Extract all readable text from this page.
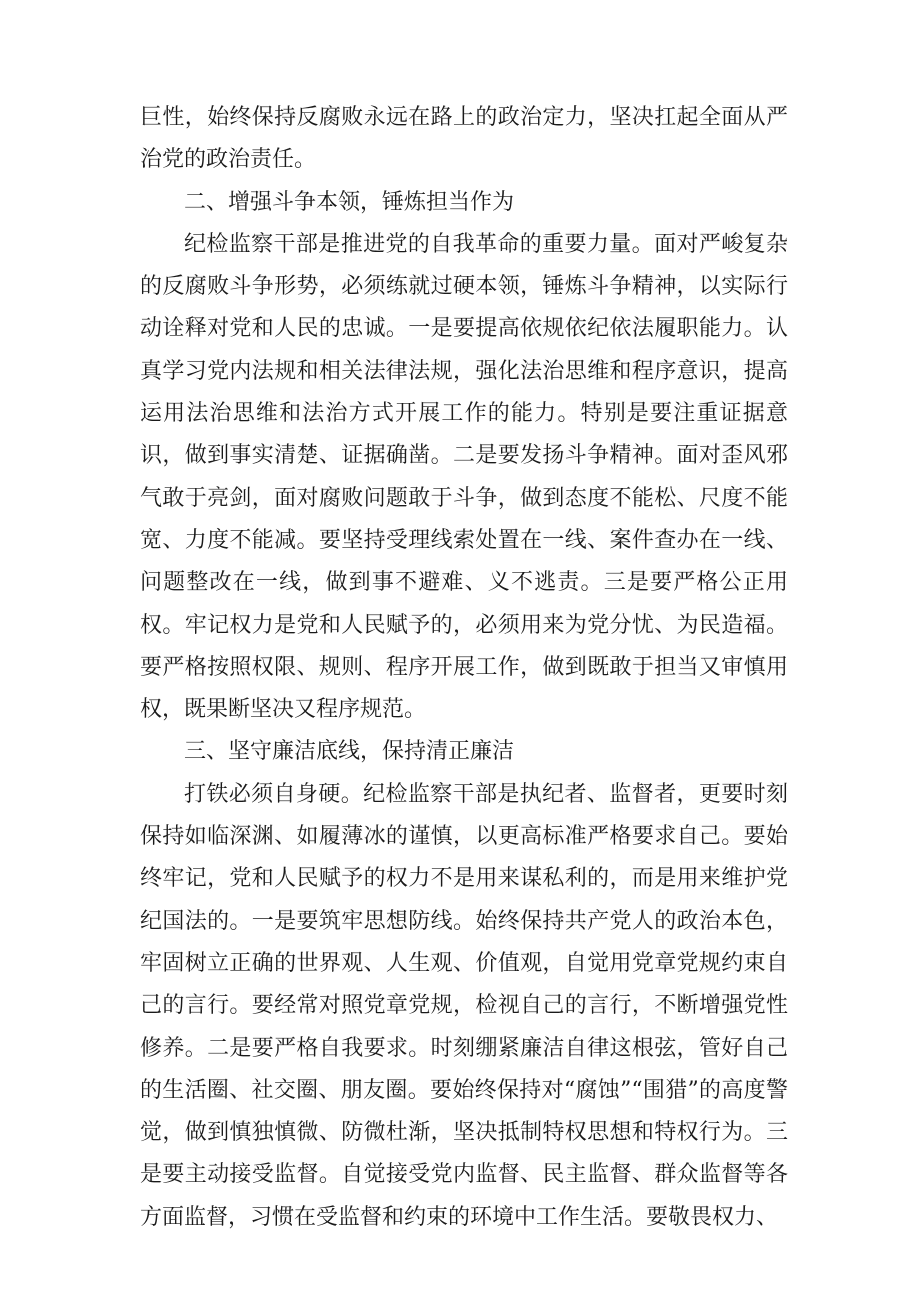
巨性，始终保持反腐败永远在路上的政治定力，坚决扛起全面从严治党的政治责任。

二、增强斗争本领，锤炼担当作为

纪检监察干部是推进党的自我革命的重要力量。面对严峻复杂的反腐败斗争形势，必须练就过硬本领，锤炼斗争精神，以实际行动诠释对党和人民的忠诚。一是要提高依规依纪依法履职能力。认真学习党内法规和相关法律法规，强化法治思维和程序意识，提高运用法治思维和法治方式开展工作的能力。特别是要注重证据意识，做到事实清楚、证据确凿。二是要发扬斗争精神。面对歪风邪气敢于亮剑，面对腐败问题敢于斗争，做到态度不能松、尺度不能宽、力度不能减。要坚持受理线索处置在一线、案件查办在一线、问题整改在一线，做到事不避难、义不逃责。三是要严格公正用权。牢记权力是党和人民赋予的，必须用来为党分忧、为民造福。要严格按照权限、规则、程序开展工作，做到既敢于担当又审慎用权，既果断坚决又程序规范。

三、坚守廉洁底线，保持清正廉洁

打铁必须自身硬。纪检监察干部是执纪者、监督者，更要时刻保持如临深渊、如履薄冰的谨慎，以更高标准严格要求自己。要始终牢记，党和人民赋予的权力不是用来谋私利的，而是用来维护党纪国法的。一是要筑牢思想防线。始终保持共产党人的政治本色，牢固树立正确的世界观、人生观、价值观，自觉用党章党规约束自己的言行。要经常对照党章党规，检视自己的言行，不断增强党性修养。二是要严格自我要求。时刻绷紧廉洁自律这根弦，管好自己的生活圈、社交圈、朋友圈。要始终保持对“腐蚀”“围猎”的高度警觉，做到慎独慎微、防微杜渐，坚决抵制特权思想和特权行为。三是要主动接受监督。自觉接受党内监督、民主监督、群众监督等各方面监督，习惯在受监督和约束的环境中工作生活。要敬畏权力、
